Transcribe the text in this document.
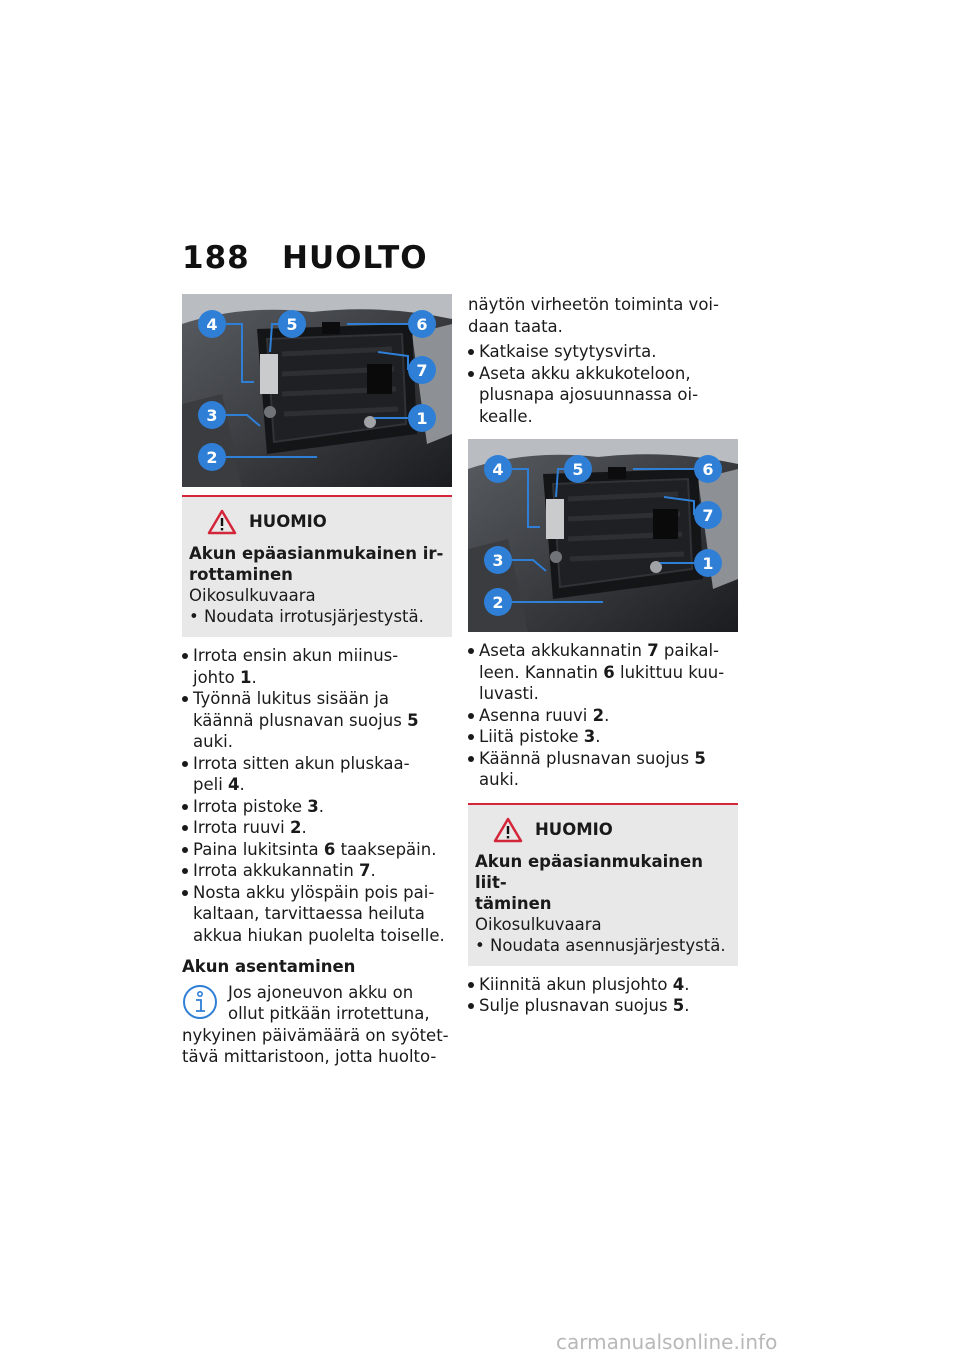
188 HUOLTO
4	5	6
7
1
3
2
HUOMIO
Akun epäasianmukainen ir-
rottaminen
Oikosulkuvaara
• Noudata irrotusjärjestystä.
Irrota ensin akun miinus-
johto 1.
Työnnä lukitus sisään ja
käännä plusnavan suojus 5
auki.
Irrota sitten akun pluskaa-
peli 4.
Irrota pistoke 3.
Irrota ruuvi 2.
Paina lukitsinta 6 taaksepäin.
Irrota akkukannatin 7.
Nosta akku ylöspäin pois pai-
kaltaan, tarvittaessa heiluta
akkua hiukan puolelta toiselle.
Akun asentaminen
Jos ajoneuvon akku on
ollut pitkään irrotettuna,
nykyinen päivämäärä on syötet-
tävä mittaristoon, jotta huolto-
näytön virheetön toiminta voi-
daan taata.
Katkaise sytytysvirta.
Aseta akku akkukoteloon,
plusnapa ajosuunnassa oi-
kealle.
4	5	6
7
1
3
2
Aseta akkukannatin 7 paikal-
leen. Kannatin 6 lukittuu kuu-
luvasti.
Asenna ruuvi 2.
Liitä pistoke 3.
Käännä plusnavan suojus 5
auki.
HUOMIO
Akun epäasianmukainen liit-
täminen
Oikosulkuvaara
• Noudata asennusjärjestystä.
Kiinnitä akun plusjohto 4.
Sulje plusnavan suojus 5.
carmanualsonline.info
